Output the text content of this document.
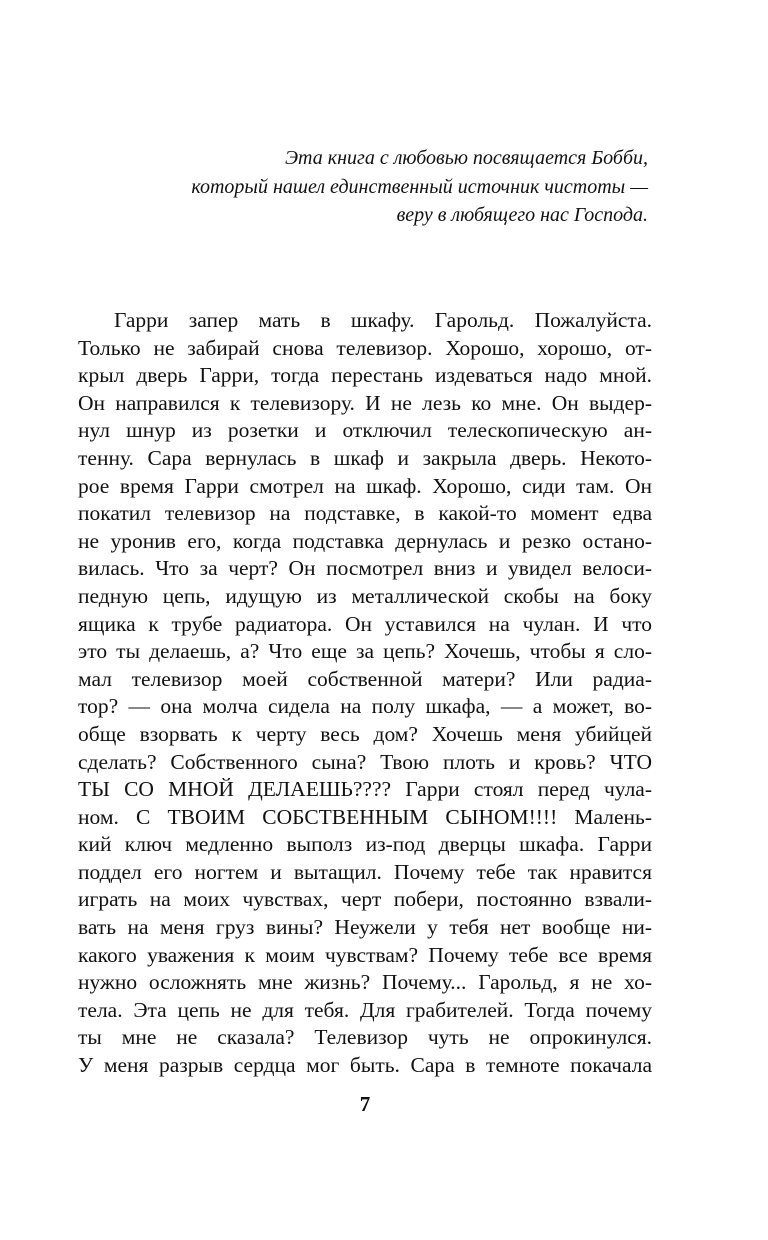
Эта книга с любовью посвящается Бобби,
который нашел единственный источник чистоты —
веру в любящего нас Господа.
Гарри запер мать в шкафу. Гарольд. Пожалуйста.
Только не забирай снова телевизор. Хорошо, хорошо, от-
крыл дверь Гарри, тогда перестань издеваться надо мной.
Он направился к телевизору. И не лезь ко мне. Он выдер-
нул шнур из розетки и отключил телескопическую ан-
тенну. Сара вернулась в шкаф и закрыла дверь. Некото-
рое время Гарри смотрел на шкаф. Хорошо, сиди там. Он
покатил телевизор на подставке, в какой-то момент едва
не уронив его, когда подставка дернулась и резко остано-
вилась. Что за черт? Он посмотрел вниз и увидел велоси-
педную цепь, идущую из металлической скобы на боку
ящика к трубе радиатора. Он уставился на чулан. И что
это ты делаешь, а? Что еще за цепь? Хочешь, чтобы я сло-
мал телевизор моей собственной матери? Или радиа-
тор? — она молча сидела на полу шкафа, — а может, во-
обще взорвать к черту весь дом? Хочешь меня убийцей
сделать? Собственного сына? Твою плоть и кровь? ЧТО
ТЫ СО МНОЙ ДЕЛАЕШЬ???? Гарри стоял перед чула-
ном. С ТВОИМ СОБСТВЕННЫМ СЫНОМ!!!! Малень-
кий ключ медленно выполз из-под дверцы шкафа. Гарри
поддел его ногтем и вытащил. Почему тебе так нравится
играть на моих чувствах, черт побери, постоянно взвали-
вать на меня груз вины? Неужели у тебя нет вообще ни-
какого уважения к моим чувствам? Почему тебе все время
нужно осложнять мне жизнь? Почему... Гарольд, я не хо-
тела. Эта цепь не для тебя. Для грабителей. Тогда почему
ты мне не сказала? Телевизор чуть не опрокинулся.
У меня разрыв сердца мог быть. Сара в темноте покачала
7
